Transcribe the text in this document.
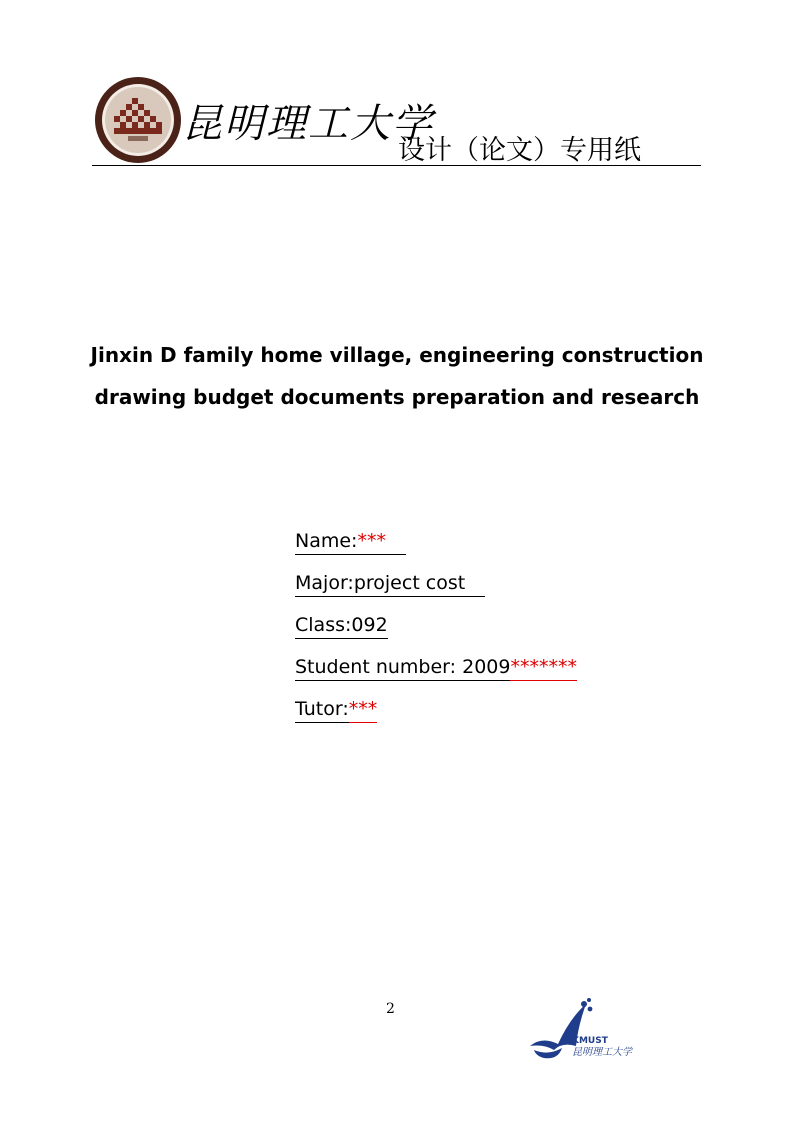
昆明理工大学
设计（论文）专用纸
Jinxin D family home village, engineering construction
drawing budget documents preparation and research
Name:***
Major:project cost
Class:092
Student number: 2009*******
Tutor:***
2
KMUST
昆明理工大学
